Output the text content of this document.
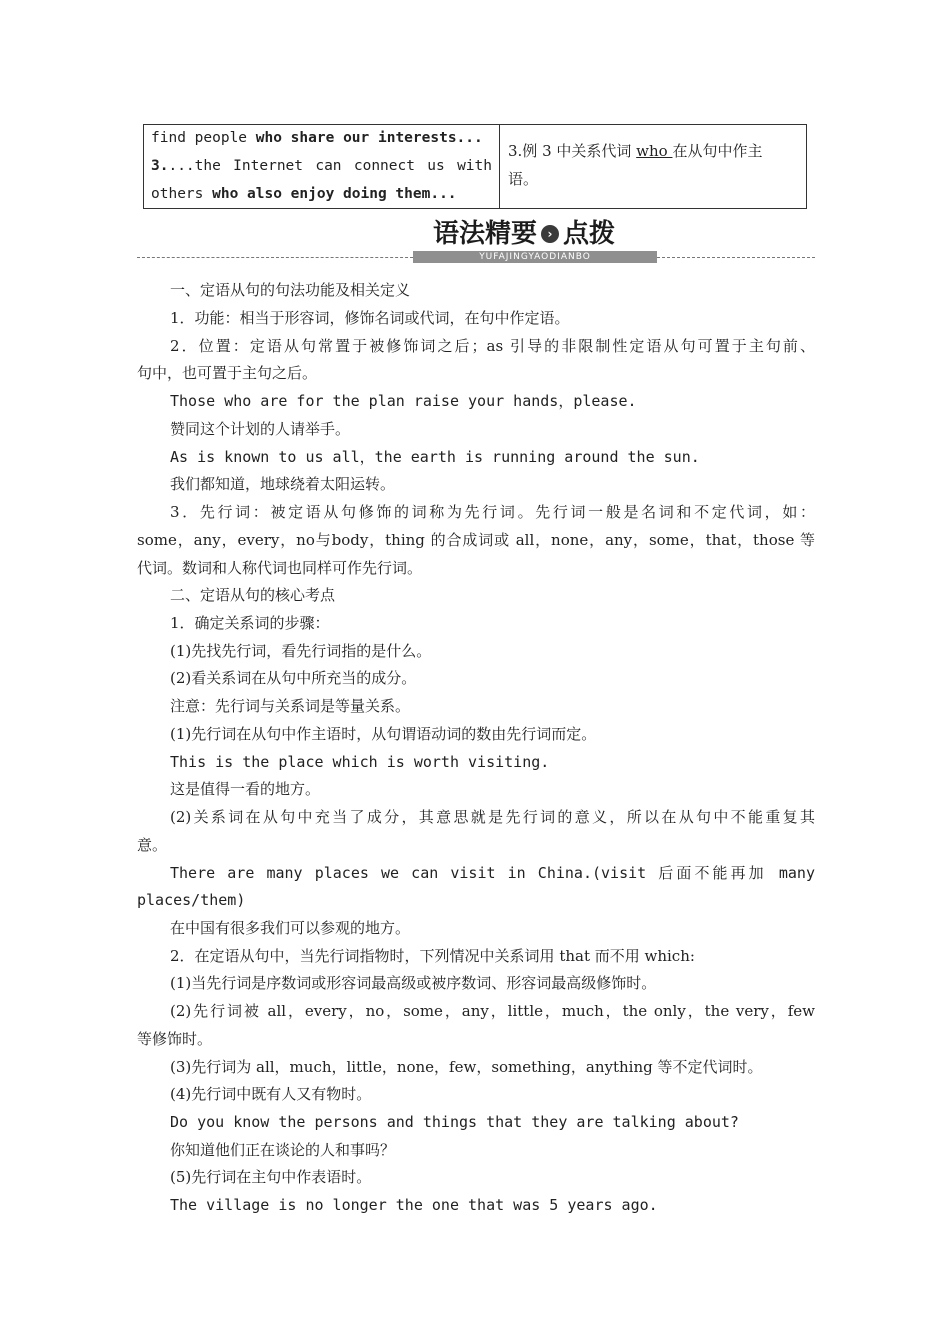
find people who share our interests...
3....the Internet can connect us with
others who also enjoy doing them...
3.例 3 中关系代词 who 在从句中作主
语。
YUFAJINGYAODIANBO
语法精要 › 点拨
一、定语从句的句法功能及相关定义
1．功能：相当于形容词，修饰名词或代词，在句中作定语。
2．位置：定语从句常置于被修饰词之后；as 引导的非限制性定语从句可置于主句前、
句中，也可置于主句之后。
Those who are for the plan raise your hands，please.
赞同这个计划的人请举手。
As is known to us all，the earth is running around the sun.
我们都知道，地球绕着太阳运转。
3．先行词：被定语从句修饰的词称为先行词。先行词一般是名词和不定代词，如：
some，any，every，no与body，thing 的合成词或 all，none，any，some，that，those 等
代词。数词和人称代词也同样可作先行词。
二、定语从句的核心考点
1．确定关系词的步骤：
(1)先找先行词，看先行词指的是什么。
(2)看关系词在从句中所充当的成分。
注意：先行词与关系词是等量关系。
(1)先行词在从句中作主语时，从句谓语动词的数由先行词而定。
This is the place which is worth visiting.
这是值得一看的地方。
(2)关系词在从句中充当了成分，其意思就是先行词的意义，所以在从句中不能重复其
意。
There are many places we can visit in China.(visit 后面不能再加 many
places/them)
在中国有很多我们可以参观的地方。
2．在定语从句中，当先行词指物时，下列情况中关系词用 that 而不用 which:
(1)当先行词是序数词或形容词最高级或被序数词、形容词最高级修饰时。
(2)先行词被 all，every，no，some，any，little，much，the only，the very，few
等修饰时。
(3)先行词为 all，much，little，none，few，something，anything 等不定代词时。
(4)先行词中既有人又有物时。
Do you know the persons and things that they are talking about?
你知道他们正在谈论的人和事吗？
(5)先行词在主句中作表语时。
The village is no longer the one that was 5 years ago.
